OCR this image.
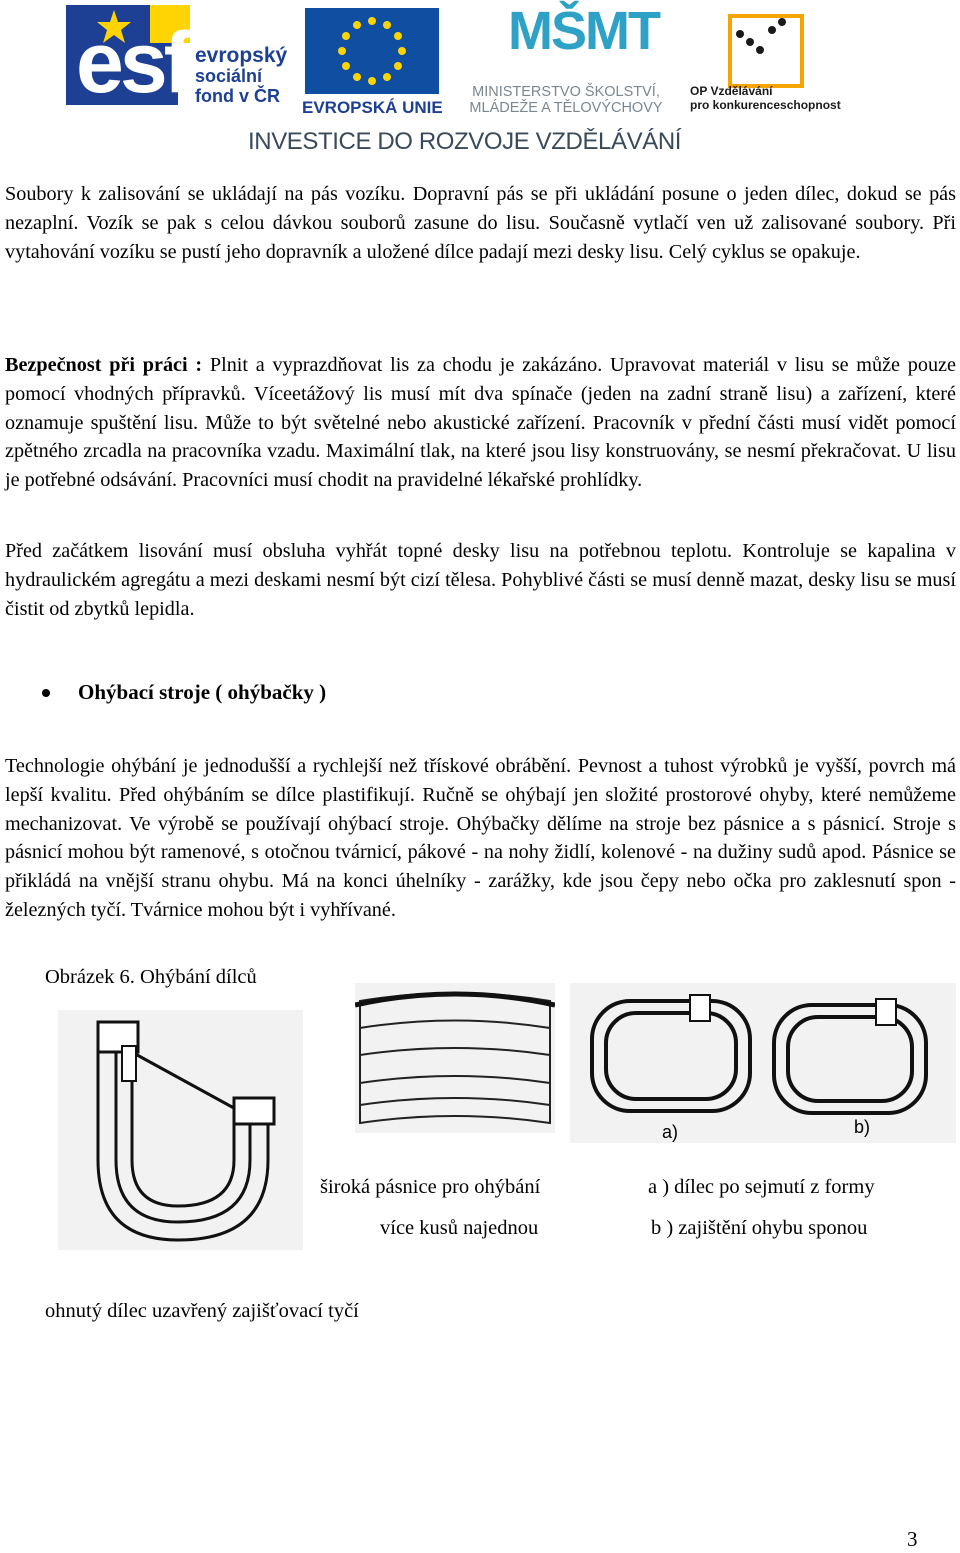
esf evropský
sociální
fond v ČR
EVROPSKÁ UNIE
MŠMT
MINISTERSTVO ŠKOLSTVÍ,
MLÁDEŽE A TĚLOVÝCHOVY
OP Vzdělávání
pro konkurenceschopnost
INVESTICE DO ROZVOJE VZDĚLÁVÁNÍ

Soubory k zalisování se ukládají na pás vozíku. Dopravní pás se při ukládání posune o jeden dílec, dokud se pás nezaplní. Vozík se pak s celou dávkou souborů zasune do lisu. Současně vytlačí ven už zalisované soubory. Při vytahování vozíku se pustí jeho dopravník a uložené dílce padají mezi desky lisu. Celý cyklus se opakuje.

Bezpečnost při práci : Plnit a vyprazdňovat lis za chodu je zakázáno. Upravovat materiál v lisu se může pouze pomocí vhodných přípravků. Víceetážový lis musí mít dva spínače (jeden na zadní straně lisu) a zařízení, které oznamuje spuštění lisu. Může to být světelné nebo akustické zařízení. Pracovník v přední části musí vidět pomocí zpětného zrcadla na pracovníka vzadu. Maximální tlak, na které jsou lisy konstruovány, se nesmí překračovat. U lisu je potřebné odsávání. Pracovníci musí chodit na pravidelné lékařské prohlídky.

Před začátkem lisování musí obsluha vyhřát topné desky lisu na potřebnou teplotu. Kontroluje se kapalina v hydraulickém agregátu a mezi deskami nesmí být cizí tělesa. Pohyblivé části se musí denně mazat, desky lisu se musí čistit od zbytků lepidla.

Ohýbací stroje ( ohýbačky )

Technologie ohýbání je jednodušší a rychlejší než třískové obrábění. Pevnost a tuhost výrobků je vyšší, povrch má lepší kvalitu. Před ohýbáním se dílce plastifikují. Ručně se ohýbají jen složité prostorové ohyby, které nemůžeme mechanizovat. Ve výrobě se používají ohýbací stroje. Ohýbačky dělíme na stroje bez pásnice a s pásnicí. Stroje s pásnicí mohou být ramenové, s otočnou tvárnicí, pákové - na nohy židlí, kolenové - na dužiny sudů apod. Pásnice se přikládá na vnější stranu ohybu. Má na konci úhelníky - zarážky, kde jsou čepy nebo očka pro zaklesnutí spon - železných tyčí. Tvárnice mohou být i vyhřívané.

Obrázek 6. Ohýbání dílců
a)	b)
široká pásnice pro ohýbání
více kusů najednou
a ) dílec po sejmutí z formy
b ) zajištění ohybu sponou
ohnutý dílec uzavřený zajišťovací tyčí
3
